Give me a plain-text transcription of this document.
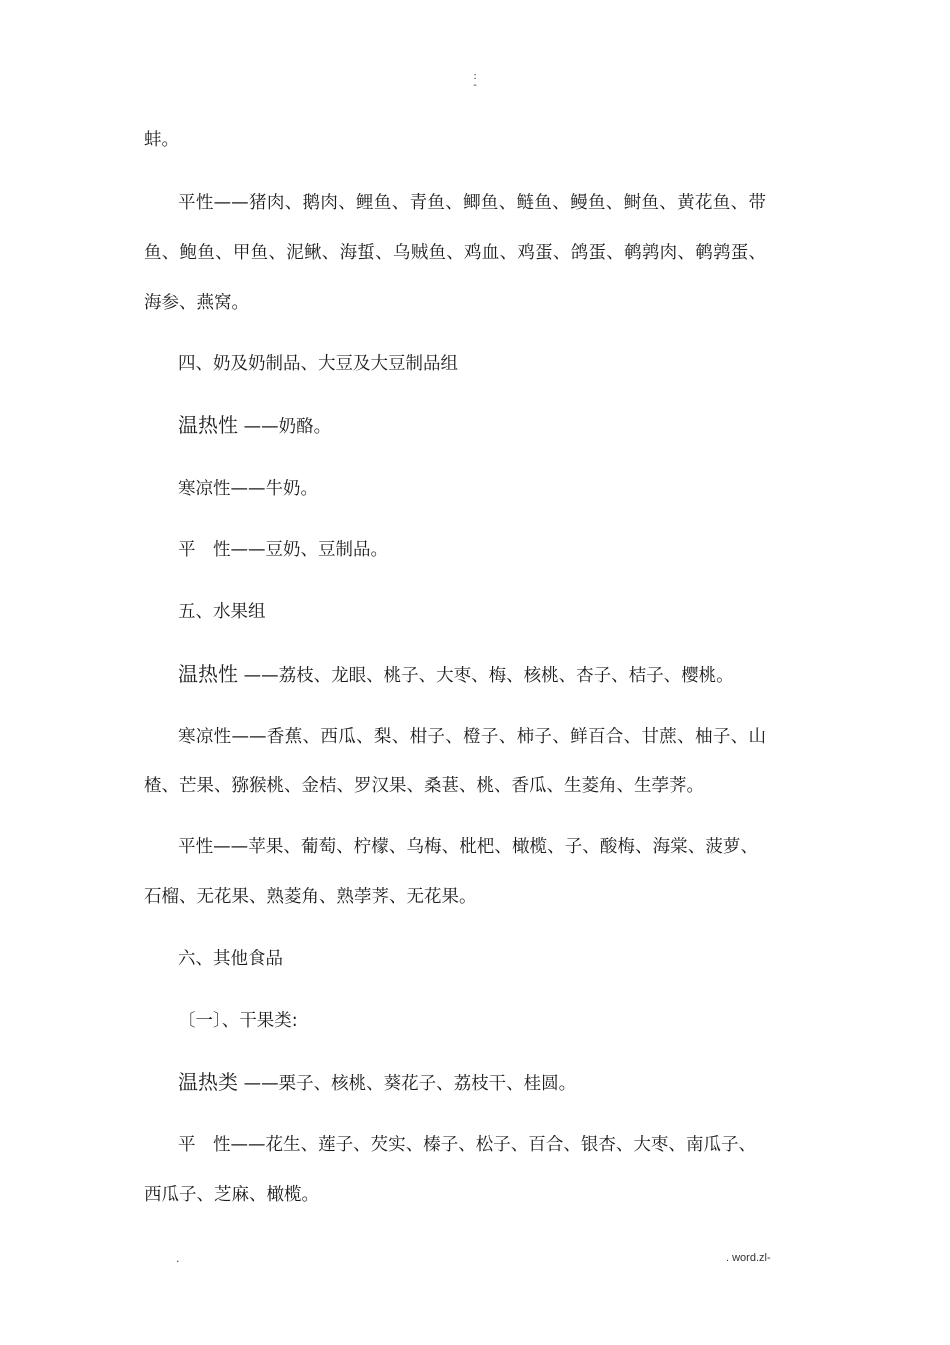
:
-
蚌。
平性——猪肉、鹅肉、鲤鱼、青鱼、鲫鱼、鲢鱼、鳗鱼、鲥鱼、黄花鱼、带
鱼、鲍鱼、甲鱼、泥鳅、海蜇、乌贼鱼、鸡血、鸡蛋、鸽蛋、鹌鹑肉、鹌鹑蛋、
海参、燕窝。
四、奶及奶制品、大豆及大豆制品组
温热性 ——奶酪。
寒凉性——牛奶。
平　性——豆奶、豆制品。
五、水果组
温热性 ——荔枝、龙眼、桃子、大枣、梅、核桃、杏子、桔子、樱桃。
寒凉性——香蕉、西瓜、梨、柑子、橙子、柿子、鲜百合、甘蔗、柚子、山
楂、芒果、猕猴桃、金桔、罗汉果、桑葚、桃、香瓜、生菱角、生荸荠。
平性——苹果、葡萄、柠檬、乌梅、枇杷、橄榄、子、酸梅、海棠、菠萝、
石榴、无花果、熟菱角、熟荸荠、无花果。
六、其他食品
〔一〕、干果类:
温热类 ——栗子、核桃、葵花子、荔枝干、桂圆。
平　性——花生、莲子、芡实、榛子、松子、百合、银杏、大枣、南瓜子、
西瓜子、芝麻、橄榄。
.	. word.zl-
